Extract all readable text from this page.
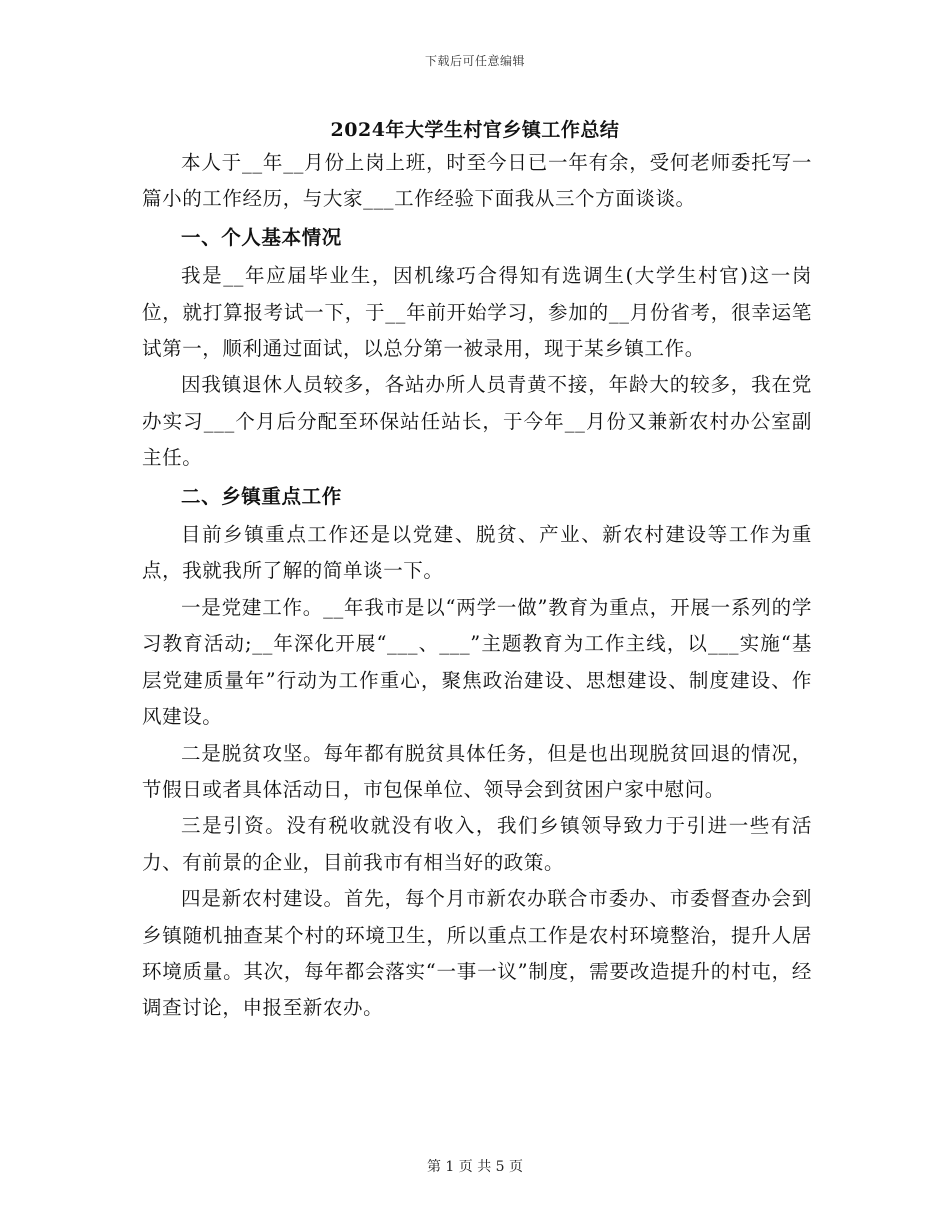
下载后可任意编辑
2024年大学生村官乡镇工作总结

本人于__年__月份上岗上班，时至今日已一年有余，受何老师委托写一篇小的工作经历，与大家___工作经验下面我从三个方面谈谈。

一、个人基本情况

我是__年应届毕业生，因机缘巧合得知有选调生(大学生村官)这一岗位，就打算报考试一下，于__年前开始学习，参加的__月份省考，很幸运笔试第一，顺利通过面试，以总分第一被录用，现于某乡镇工作。

因我镇退休人员较多，各站办所人员青黄不接，年龄大的较多，我在党办实习___个月后分配至环保站任站长，于今年__月份又兼新农村办公室副主任。

二、乡镇重点工作

目前乡镇重点工作还是以党建、脱贫、产业、新农村建设等工作为重点，我就我所了解的简单谈一下。

一是党建工作。__年我市是以“两学一做”教育为重点，开展一系列的学习教育活动;__年深化开展“___、___”主题教育为工作主线，以___实施“基层党建质量年”行动为工作重心，聚焦政治建设、思想建设、制度建设、作风建设。

二是脱贫攻坚。每年都有脱贫具体任务，但是也出现脱贫回退的情况，节假日或者具体活动日，市包保单位、领导会到贫困户家中慰问。

三是引资。没有税收就没有收入，我们乡镇领导致力于引进一些有活力、有前景的企业，目前我市有相当好的政策。

四是新农村建设。首先，每个月市新农办联合市委办、市委督查办会到乡镇随机抽查某个村的环境卫生，所以重点工作是农村环境整治，提升人居环境质量。其次，每年都会落实“一事一议”制度，需要改造提升的村屯，经调查讨论，申报至新农办。

第 1 页 共 5 页
